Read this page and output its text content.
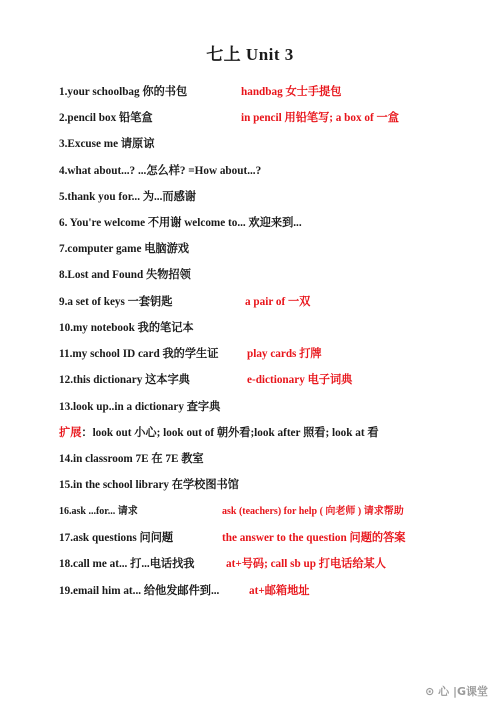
七上 Unit 3
1.your schoolbag 你的书包	handbag 女士手提包
2.pencil box 铅笔盒	in pencil 用铅笔写; a box of 一盒
3.Excuse me 请原谅
4.what about...? ...怎么样? =How about...?
5.thank you for... 为...而感谢
6. You're welcome 不用谢 welcome to... 欢迎来到...
7.computer game 电脑游戏
8.Lost and Found 失物招领
9.a set of keys 一套钥匙	a pair of 一双
10.my notebook 我的笔记本
11.my school ID card 我的学生证	play cards 打牌
12.this dictionary 这本字典	e-dictionary 电子词典
13.look up..in a dictionary 查字典
扩展：look out 小心; look out of 朝外看;look after 照看; look at 看
14.in classroom 7E 在 7E 教室
15.in the school library 在学校图书馆
16.ask ...for... 请求	ask (teachers) for help ( 向老师 ) 请求帮助
17.ask questions 问问题	the answer to the question 问题的答案
18.call me at... 打...电话找我	at+号码; call sb up 打电话给某人
19.email him at... 给他发邮件到...	at+邮箱地址
⊙ 心 |G课堂
